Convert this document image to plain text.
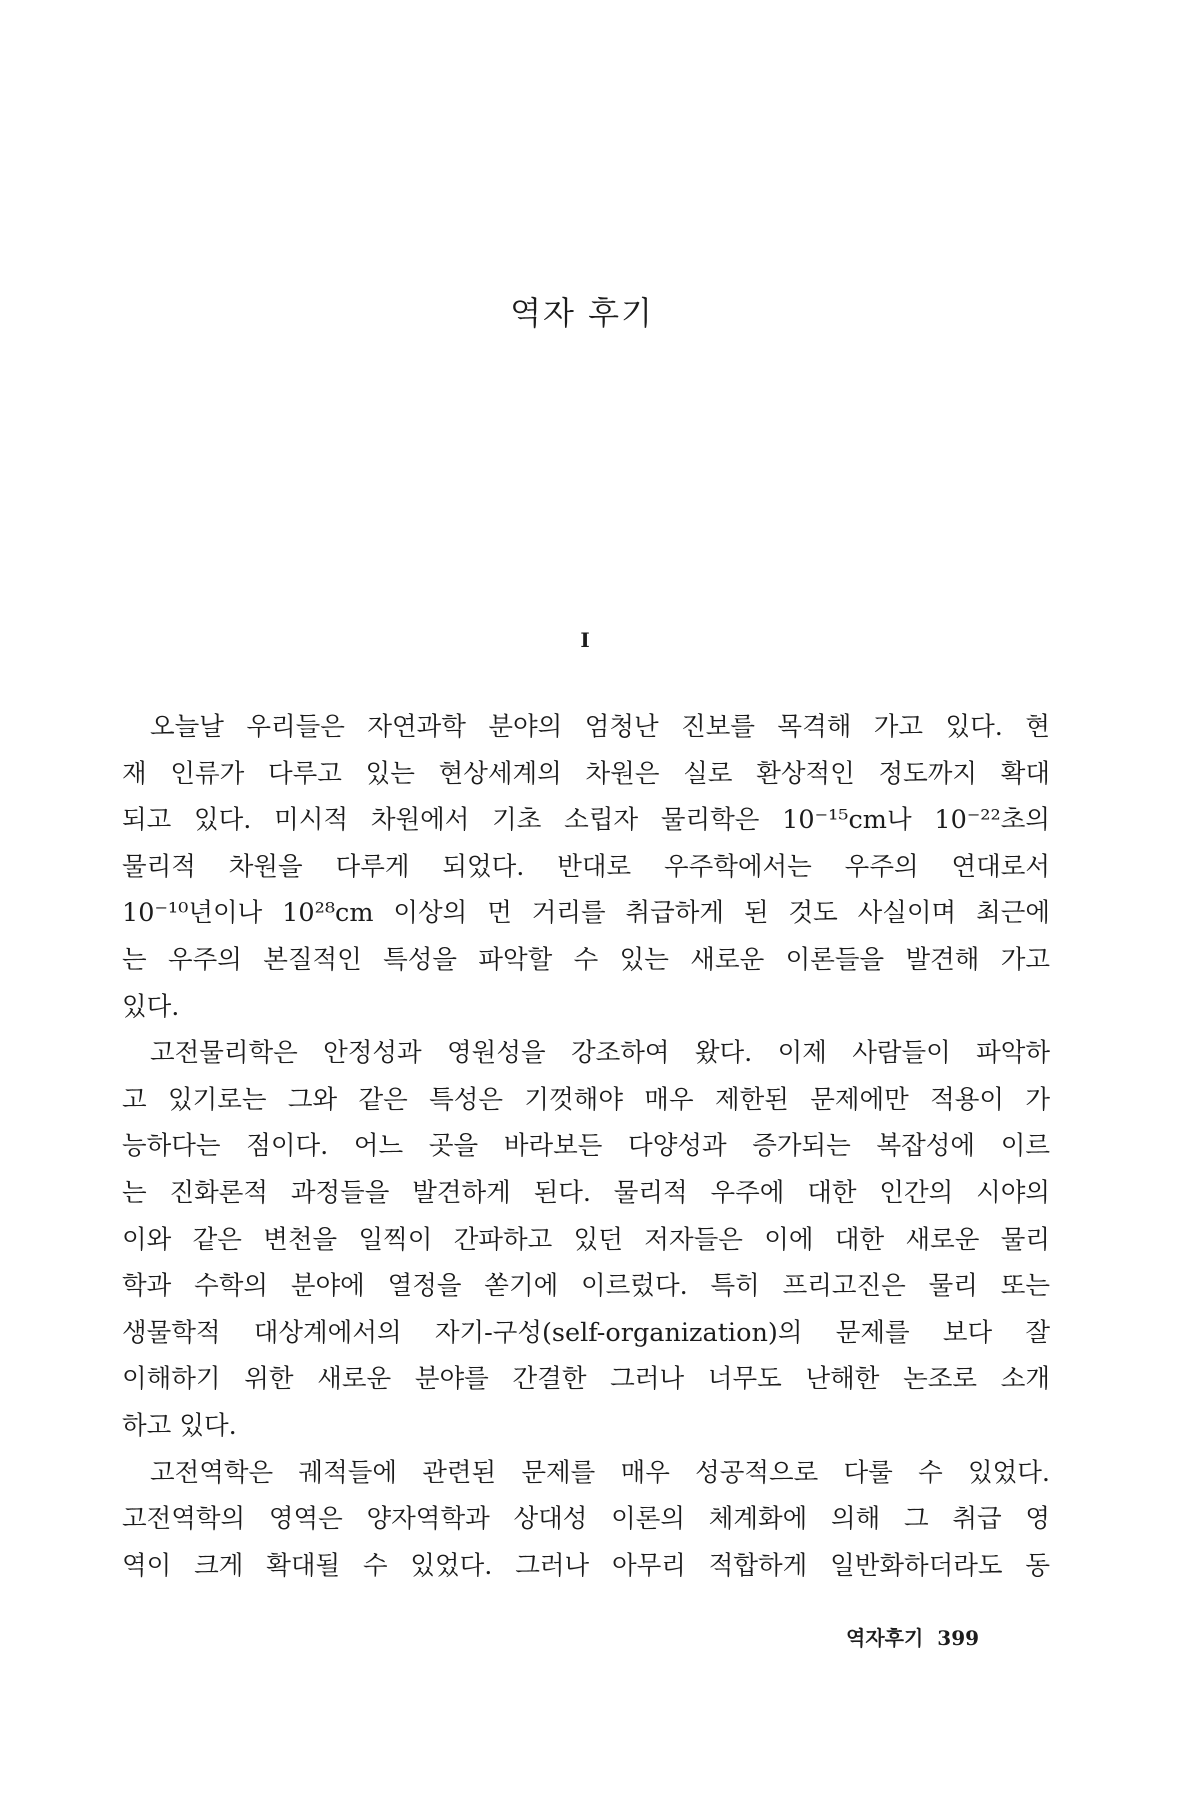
역자 후기
I
오늘날 우리들은 자연과학 분야의 엄청난 진보를 목격해 가고 있다. 현
재 인류가 다루고 있는 현상세계의 차원은 실로 환상적인 정도까지 확대
되고 있다. 미시적 차원에서 기초 소립자 물리학은 10⁻¹⁵cm나 10⁻²²초의
물리적 차원을 다루게 되었다. 반대로 우주학에서는 우주의 연대로서
10⁻¹⁰년이나 10²⁸cm 이상의 먼 거리를 취급하게 된 것도 사실이며 최근에
는 우주의 본질적인 특성을 파악할 수 있는 새로운 이론들을 발견해 가고
있다.
고전물리학은 안정성과 영원성을 강조하여 왔다. 이제 사람들이 파악하
고 있기로는 그와 같은 특성은 기껏해야 매우 제한된 문제에만 적용이 가
능하다는 점이다. 어느 곳을 바라보든 다양성과 증가되는 복잡성에 이르
는 진화론적 과정들을 발견하게 된다. 물리적 우주에 대한 인간의 시야의
이와 같은 변천을 일찍이 간파하고 있던 저자들은 이에 대한 새로운 물리
학과 수학의 분야에 열정을 쏟기에 이르렀다. 특히 프리고진은 물리 또는
생물학적 대상계에서의 자기-구성(self-organization)의 문제를 보다 잘
이해하기 위한 새로운 분야를 간결한 그러나 너무도 난해한 논조로 소개
하고 있다.
고전역학은 궤적들에 관련된 문제를 매우 성공적으로 다룰 수 있었다.
고전역학의 영역은 양자역학과 상대성 이론의 체계화에 의해 그 취급 영
역이 크게 확대될 수 있었다. 그러나 아무리 적합하게 일반화하더라도 동
역자후기 399
